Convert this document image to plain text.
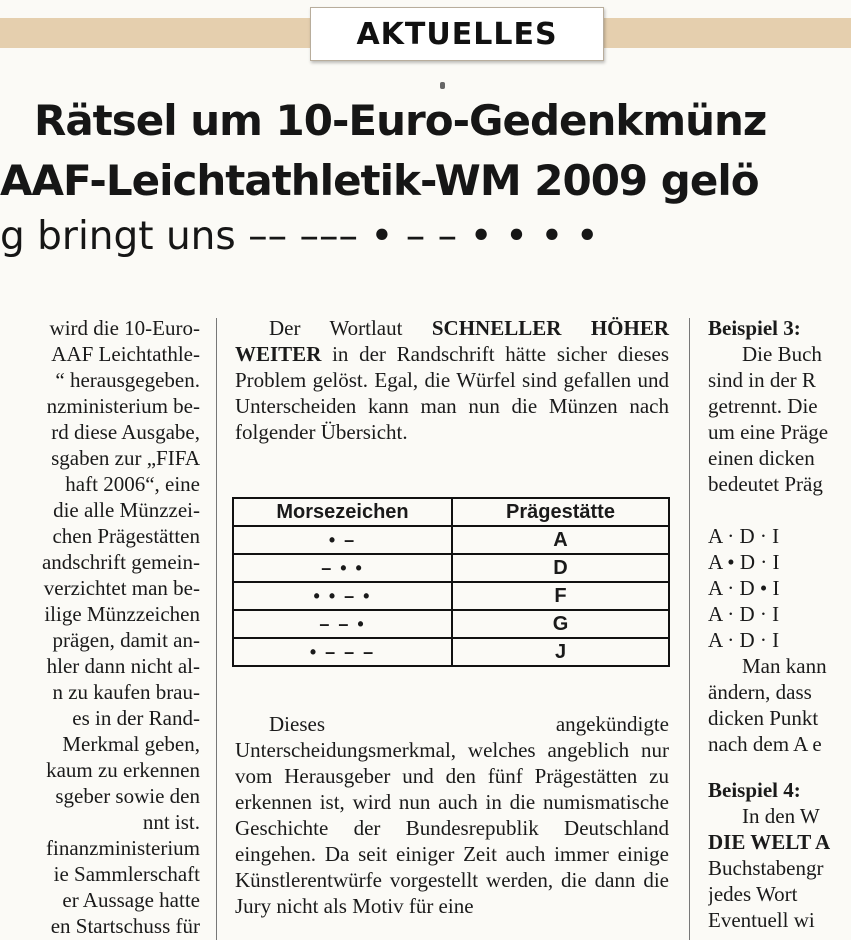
AKTUELLES
Rätsel um 10-Euro-Gedenkmünz
AAF-Leichtathletik-WM 2009 gelö
g bringt uns –– ––– • – – • • • •
wird die 10-Euro-
AAF Leichtathle-
“ herausgegeben.
nzministerium be-
rd diese Ausgabe,
sgaben zur „FIFA
haft 2006“, eine
die alle Münzzei-
chen Prägestätten
andschrift gemein-
verzichtet man be-
ilige Münzzeichen
prägen, damit an-
hler dann nicht al-
n zu kaufen brau-
es in der Rand-
Merkmal geben,
kaum zu erkennen
sgeber sowie den
nnt ist.
finanzministerium
ie Sammlerschaft
er Aussage hatte
en Startschuss für

Der Wortlaut SCHNELLER HÖHER WEITER in der Randschrift hätte sicher dieses Problem gelöst. Egal, die Würfel sind gefallen und Unterscheiden kann man nun die Münzen nach folgender Übersicht.

Dieses angekündigte Unterscheidungsmerkmal, welches angeblich nur vom Herausgeber und den fünf Prägestätten zu erkennen ist, wird nun auch in die numismatische Geschichte der Bundesrepublik Deutschland eingehen. Da seit einiger Zeit auch immer einige Künstlerentwürfe vorgestellt werden, die dann die Jury nicht als Motiv für eine

Morsezeichen	Prägestätte
• –	A
– • •	D
• • – •	F
– – •	G
• – – –	J
Beispiel 3:
Die Buch
sind in der R
getrennt. Die
um eine Präge
einen dicken
bedeutet Präg
A · D · I
A • D · I
A · D • I
A · D · I
A · D · I
Man kann
ändern, dass
dicken Punkt
nach dem A e
Beispiel 4:
In den W
DIE WELT A
Buchstabengr
jedes Wort
Eventuell wi
